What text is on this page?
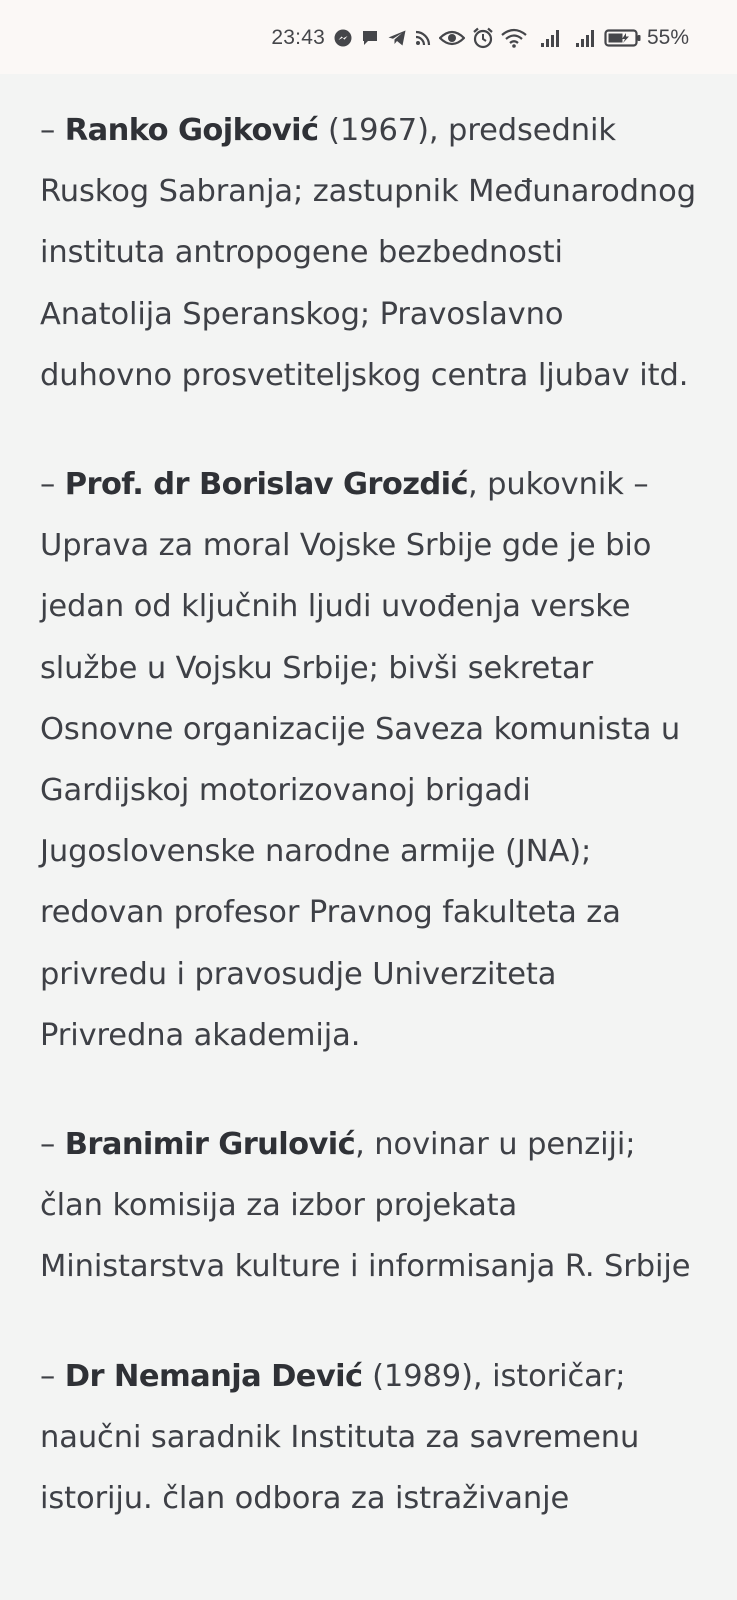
23:43	55%

– Ranko Gojković (1967), predsednik Ruskog Sabranja; zastupnik Međunarodnog instituta antropogene bezbednosti Anatolija Speranskog; Pravoslavno duhovno prosvetiteljskog centra ljubav itd.

– Prof. dr Borislav Grozdić, pukovnik – Uprava za moral Vojske Srbije gde je bio jedan od ključnih ljudi uvođenja verske službe u Vojsku Srbije; bivši sekretar Osnovne organizacije Saveza komunista u Gardijskoj motorizovanoj brigadi Jugoslovenske narodne armije (JNA); redovan profesor Pravnog fakulteta za privredu i pravosudje Univerziteta Privredna akademija.

– Branimir Grulović, novinar u penziji; član komisija za izbor projekata Ministarstva kulture i informisanja R. Srbije

– Dr Nemanja Dević (1989), istoričar; naučni saradnik Instituta za savremenu istoriju. član odbora za istraživanje
